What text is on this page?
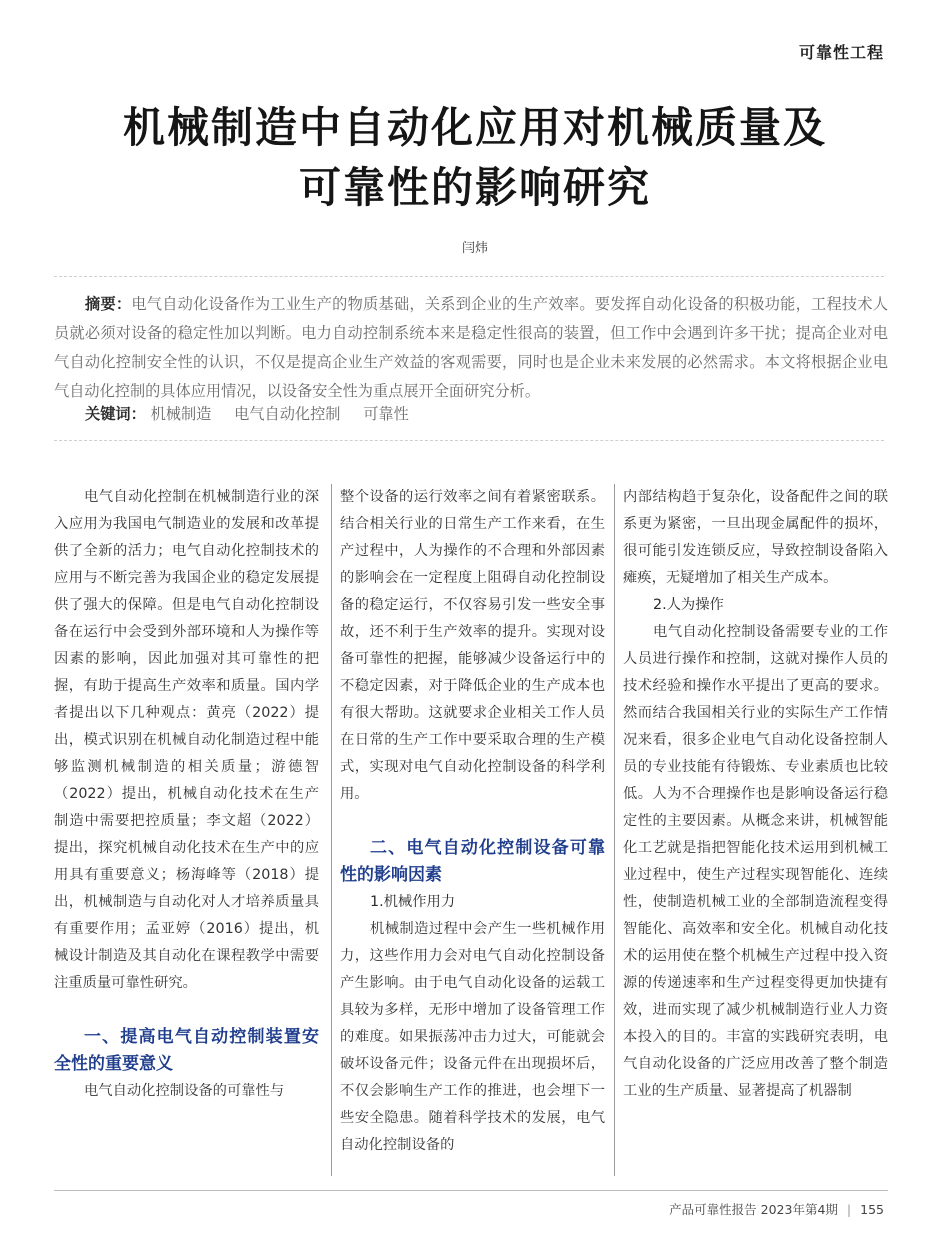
可靠性工程
机械制造中自动化应用对机械质量及
可靠性的影响研究
闫炜
摘要：电气自动化设备作为工业生产的物质基础，关系到企业的生产效率。要发挥自动化设备的积极功能，工程技术人员就必须对设备的稳定性加以判断。电力自动控制系统本来是稳定性很高的装置，但工作中会遇到许多干扰；提高企业对电气自动化控制安全性的认识，不仅是提高企业生产效益的客观需要，同时也是企业未来发展的必然需求。本文将根据企业电气自动化控制的具体应用情况，以设备安全性为重点展开全面研究分析。
关键词： 机械制造 电气自动化控制 可靠性

电气自动化控制在机械制造行业的深入应用为我国电气制造业的发展和改革提供了全新的活力；电气自动化控制技术的应用与不断完善为我国企业的稳定发展提供了强大的保障。但是电气自动化控制设备在运行中会受到外部环境和人为操作等因素的影响，因此加强对其可靠性的把握，有助于提高生产效率和质量。国内学者提出以下几种观点：黄亮（2022）提出，模式识别在机械自动化制造过程中能够监测机械制造的相关质量；游德智（2022）提出，机械自动化技术在生产制造中需要把控质量；李文超（2022）提出，探究机械自动化技术在生产中的应用具有重要意义；杨海峰等（2018）提出，机械制造与自动化对人才培养质量具有重要作用；孟亚婷（2016）提出，机械设计制造及其自动化在课程教学中需要注重质量可靠性研究。

一、提高电气自动控制装置安全性的重要意义

电气自动化控制设备的可靠性与

整个设备的运行效率之间有着紧密联系。结合相关行业的日常生产工作来看，在生产过程中，人为操作的不合理和外部因素的影响会在一定程度上阻碍自动化控制设备的稳定运行，不仅容易引发一些安全事故，还不利于生产效率的提升。实现对设备可靠性的把握，能够减少设备运行中的不稳定因素，对于降低企业的生产成本也有很大帮助。这就要求企业相关工作人员在日常的生产工作中要采取合理的生产模式，实现对电气自动化控制设备的科学利用。

二、电气自动化控制设备可靠性的影响因素

1.机械作用力

机械制造过程中会产生一些机械作用力，这些作用力会对电气自动化控制设备产生影响。由于电气自动化设备的运载工具较为多样，无形中增加了设备管理工作的难度。如果振荡冲击力过大，可能就会破坏设备元件；设备元件在出现损坏后，不仅会影响生产工作的推进，也会埋下一些安全隐患。随着科学技术的发展，电气自动化控制设备的

内部结构趋于复杂化，设备配件之间的联系更为紧密，一旦出现金属配件的损坏，很可能引发连锁反应，导致控制设备陷入瘫痪，无疑增加了相关生产成本。

2.人为操作

电气自动化控制设备需要专业的工作人员进行操作和控制，这就对操作人员的技术经验和操作水平提出了更高的要求。然而结合我国相关行业的实际生产工作情况来看，很多企业电气自动化设备控制人员的专业技能有待锻炼、专业素质也比较低。人为不合理操作也是影响设备运行稳定性的主要因素。从概念来讲，机械智能化工艺就是指把智能化技术运用到机械工业过程中，使生产过程实现智能化、连续性，使制造机械工业的全部制造流程变得智能化、高效率和安全化。机械自动化技术的运用使在整个机械生产过程中投入资源的传递速率和生产过程变得更加快捷有效，进而实现了减少机械制造行业人力资本投入的目的。丰富的实践研究表明，电气自动化设备的广泛应用改善了整个制造工业的生产质量、显著提高了机器制

产品可靠性报告 2023年第4期 | 155
